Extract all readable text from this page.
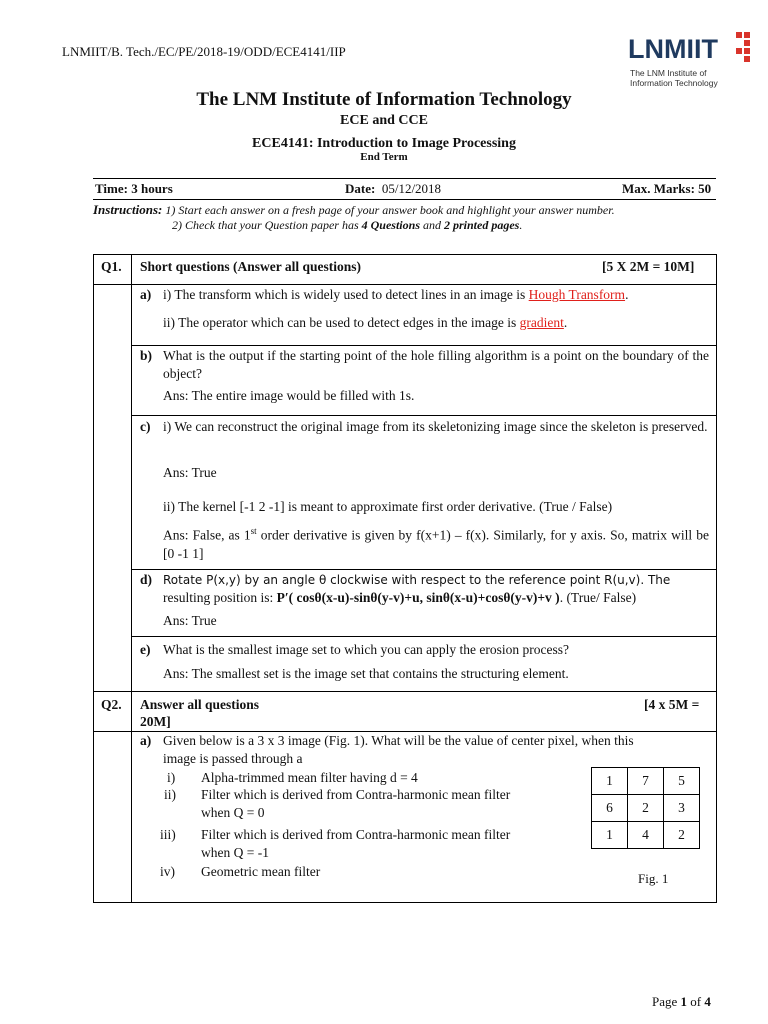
LNMIIT/B. Tech./EC/PE/2018-19/ODD/ECE4141/IIP	LNMIIT
The LNM Institute of
Information Technology
The LNM Institute of Information Technology
ECE and CCE
ECE4141: Introduction to Image Processing
End Term
Time: 3 hours	Date: 05/12/2018	Max. Marks: 50
Instructions: 1) Start each answer on a fresh page of your answer book and highlight your answer number.
2) Check that your Question paper has 4 Questions and 2 printed pages.
Q1. Short questions (Answer all questions)	[5 X 2M = 10M]
a) i) The transform which is widely used to detect lines in an image is Hough Transform.
ii) The operator which can be used to detect edges in the image is gradient.
b) What is the output if the starting point of the hole filling algorithm is a point on the boundary of the object?
Ans: The entire image would be filled with 1s.
c) i) We can reconstruct the original image from its skeletonizing image since the skeleton is preserved.
Ans: True
ii) The kernel [-1 2 -1] is meant to approximate first order derivative. (True / False)
Ans: False, as 1st order derivative is given by f(x+1) – f(x). Similarly, for y axis. So, matrix will be [0 -1 1]
d) Rotate P(x,y) by an angle θ clockwise with respect to the reference point R(u,v). The
resulting position is: P′( cosθ(x-u)-sinθ(y-v)+u, sinθ(x-u)+cosθ(y-v)+v ). (True/ False)
Ans: True
e) What is the smallest image set to which you can apply the erosion process?
Ans: The smallest set is the image set that contains the structuring element.
Q2. Answer all questions	[4 x 5M =
20M]
a) Given below is a 3 x 3 image (Fig. 1). What will be the value of center pixel, when this
image is passed through a
i) Alpha-trimmed mean filter having d = 4
ii) Filter which is derived from Contra-harmonic mean filter
when Q = 0
iii) Filter which is derived from Contra-harmonic mean filter
when Q = -1
iv) Geometric mean filter
1	7	5
6	2	3
1	4	2
Fig. 1
Page 1 of 4
